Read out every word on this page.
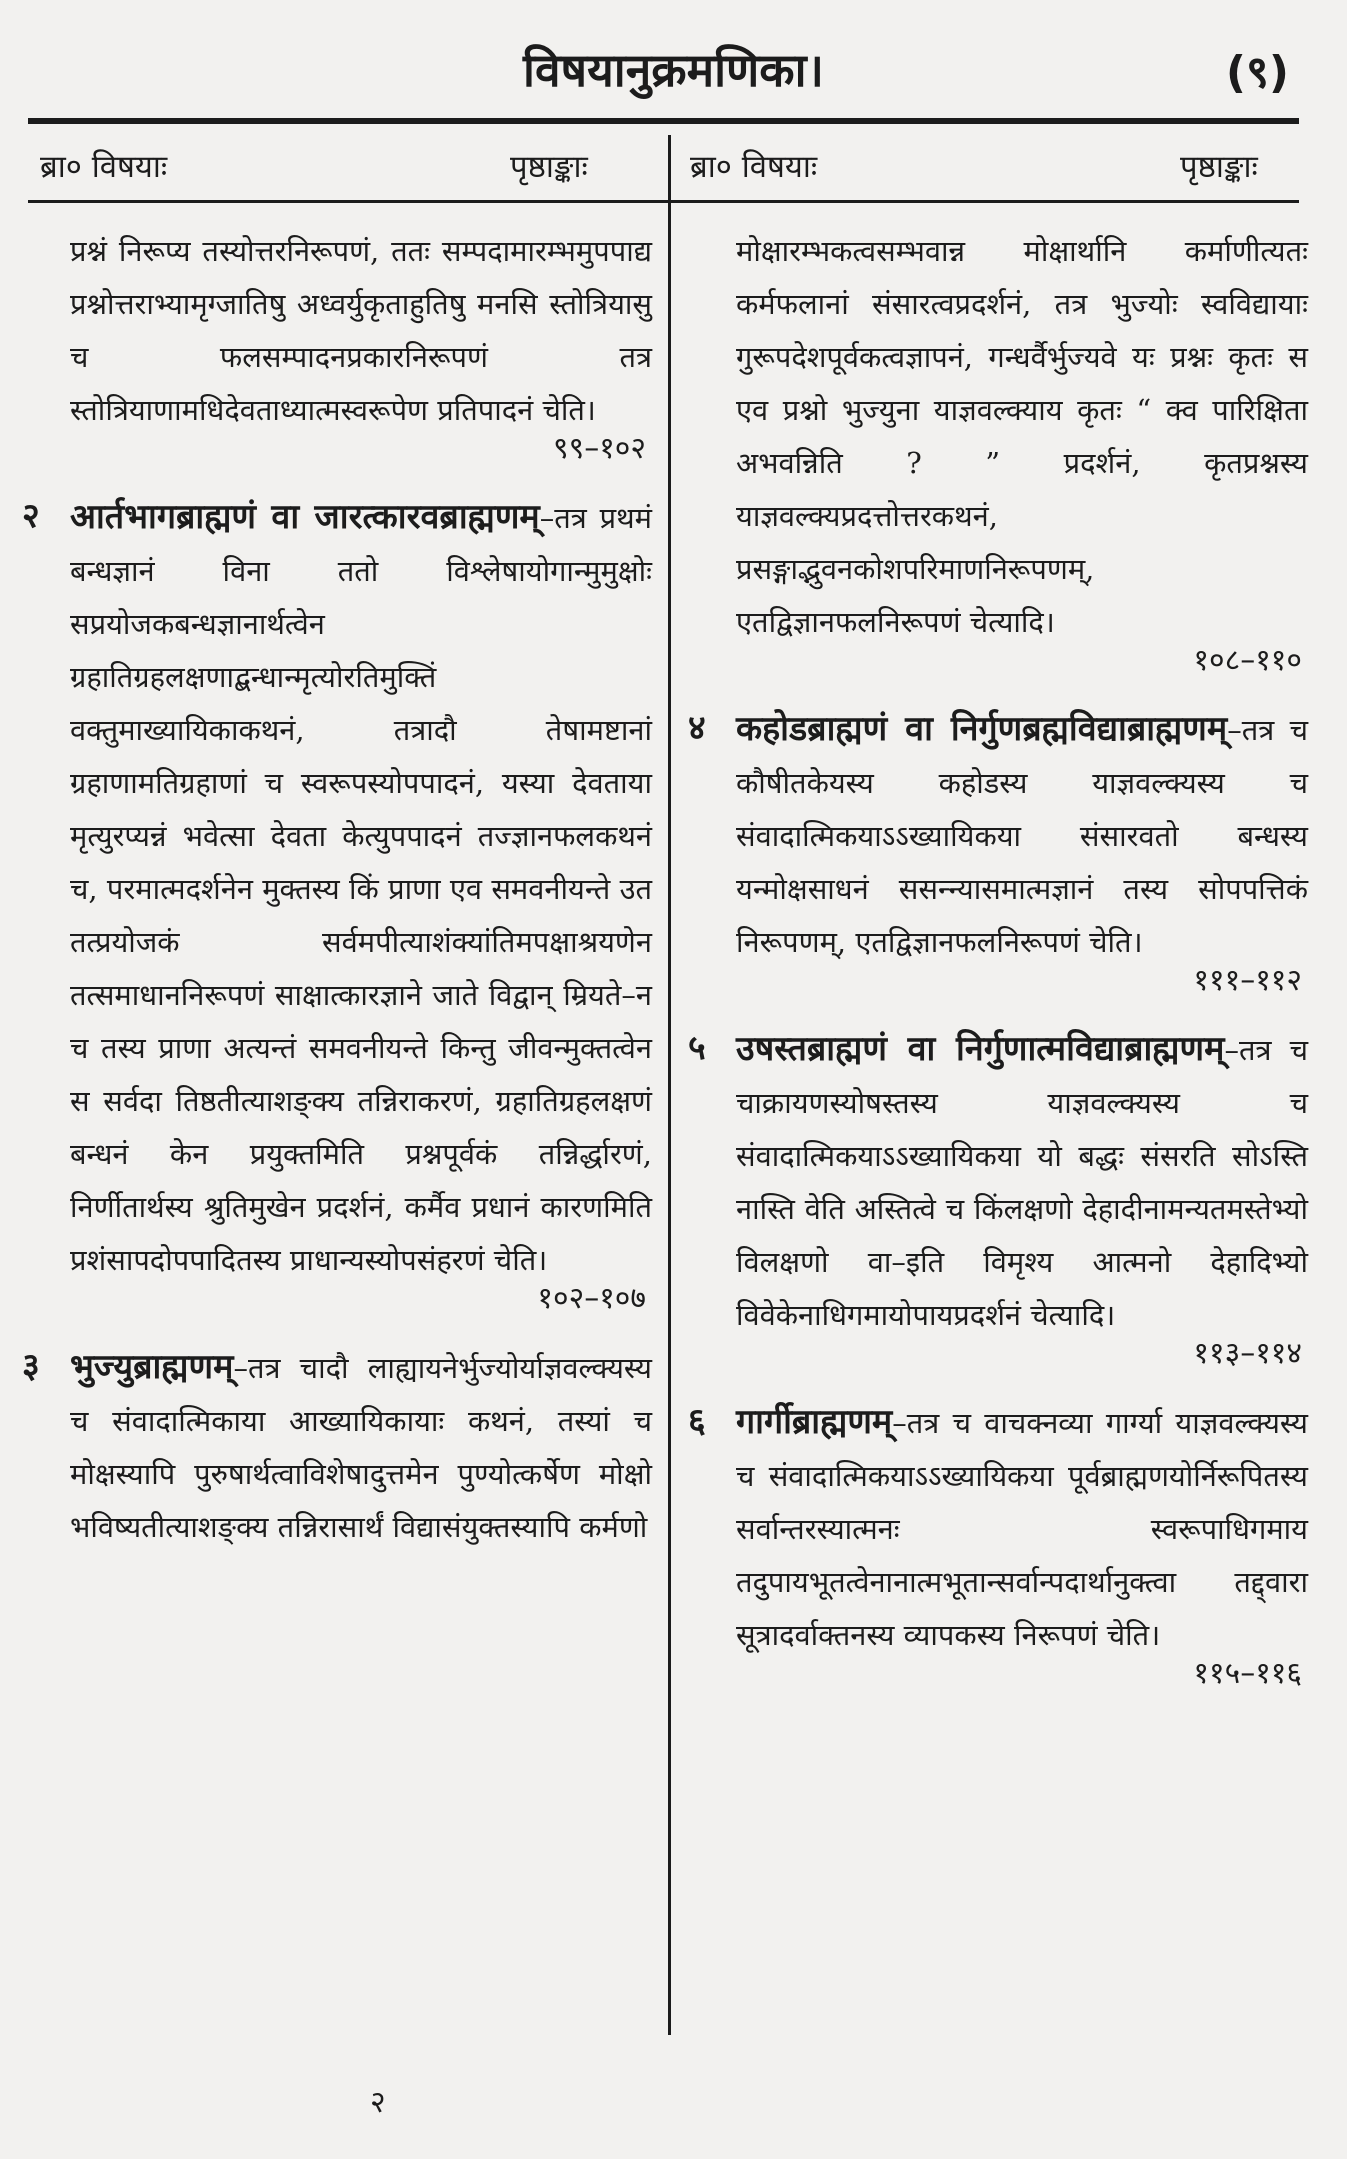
विषयानुक्रमणिका।	(९)
ब्रा० विषयाः	पृष्ठाङ्काः	ब्रा० विषयाः	पृष्ठाङ्काः
प्रश्नं निरूप्य तस्योत्तरनिरूपणं, ततः सम्पदामारम्भमुपपाद्य प्रश्नोत्तराभ्यामृग्जातिषु अध्वर्युकृताहुतिषु मनसि स्तोत्रियासु च फलसम्पादनप्रकारनिरूपणं तत्र स्तोत्रियाणामधिदेवताध्यात्मस्वरूपेण प्रतिपादनं चेति।
९९–१०२
२ आर्तभागब्राह्मणं वा जारत्कारवब्राह्मणम्–तत्र प्रथमं बन्धज्ञानं विना ततो विश्लेषायोगान्मुमुक्षोः सप्रयोजकबन्धज्ञानार्थत्वेन ग्रहातिग्रहलक्षणाद्बन्धान्मृत्योरतिमुक्तिं वक्तुमाख्यायिकाकथनं, तत्रादौ तेषामष्टानां ग्रहाणामतिग्रहाणां च स्वरूपस्योपपादनं, यस्या देवताया मृत्युरप्यन्नं भवेत्सा देवता केत्युपपादनं तज्ज्ञानफलकथनं च, परमात्मदर्शनेन मुक्तस्य किं प्राणा एव समवनीयन्ते उत तत्प्रयोजकं सर्वमपीत्याशंक्यांतिमपक्षाश्रयणेन तत्समाधाननिरूपणं साक्षात्कारज्ञाने जाते विद्वान् म्रियते–न च तस्य प्राणा अत्यन्तं समवनीयन्ते किन्तु जीवन्मुक्तत्वेन स सर्वदा तिष्ठतीत्याशङ्क्य तन्निराकरणं, ग्रहातिग्रहलक्षणं बन्धनं केन प्रयुक्तमिति प्रश्नपूर्वकं तन्निर्द्धारणं, निर्णीतार्थस्य श्रुतिमुखेन प्रदर्शनं, कर्मैव प्रधानं कारणमिति प्रशंसापदोपपादितस्य प्राधान्यस्योपसंहरणं चेति।
१०२–१०७
३ भुज्युब्राह्मणम्–तत्र चादौ लाह्यायनेर्भुज्योर्याज्ञवल्क्यस्य च संवादात्मिकाया आख्यायिकायाः कथनं, तस्यां च मोक्षस्यापि पुरुषार्थत्वाविशेषादुत्तमेन पुण्योत्कर्षेण मोक्षो भविष्यतीत्याशङ्क्य तन्निरासार्थं विद्यासंयुक्तस्यापि कर्मणो
मोक्षारम्भकत्वसम्भवान्न मोक्षार्थानि कर्माणीत्यतः कर्मफलानां संसारत्वप्रदर्शनं, तत्र भुज्योः स्वविद्यायाः गुरूपदेशपूर्वकत्वज्ञापनं, गन्धर्वैर्भुज्यवे यः प्रश्नः कृतः स एव प्रश्नो भुज्युना याज्ञवल्क्याय कृतः “ क्व पारिक्षिता अभवन्निति ? ” प्रदर्शनं, कृतप्रश्नस्य याज्ञवल्क्यप्रदत्तोत्तरकथनं, प्रसङ्गाद्भुवनकोशपरिमाणनिरूपणम्, एतद्विज्ञानफलनिरूपणं चेत्यादि।
१०८–११०
४ कहोडब्राह्मणं वा निर्गुणब्रह्मविद्याब्राह्मणम्–तत्र च कौषीतकेयस्य कहोडस्य याज्ञवल्क्यस्य च संवादात्मिकयाऽऽख्यायिकया संसारवतो बन्धस्य यन्मोक्षसाधनं ससन्न्यासमात्मज्ञानं तस्य सोपपत्तिकं निरूपणम्, एतद्विज्ञानफलनिरूपणं चेति।
१११–११२
५ उषस्तब्राह्मणं वा निर्गुणात्मविद्याब्राह्मणम्–तत्र च चाक्रायणस्योषस्तस्य याज्ञवल्क्यस्य च संवादात्मिकयाऽऽख्यायिकया यो बद्धः संसरति सोऽस्ति नास्ति वेति अस्तित्वे च किंलक्षणो देहादीनामन्यतमस्तेभ्यो विलक्षणो वा–इति विमृश्य आत्मनो देहादिभ्यो विवेकेनाधिगमायोपायप्रदर्शनं चेत्यादि।
११३–११४
६ गार्गीब्राह्मणम्–तत्र च वाचक्नव्या गार्ग्या याज्ञवल्क्यस्य च संवादात्मिकयाऽऽख्यायिकया पूर्वब्राह्मणयोर्निरूपितस्य सर्वान्तरस्यात्मनः स्वरूपाधिगमाय तदुपायभूतत्वेनानात्मभूतान्सर्वान्पदार्थानुक्त्वा तद्द्वारा सूत्रादर्वाक्तनस्य व्यापकस्य निरूपणं चेति।
११५–११६
२
